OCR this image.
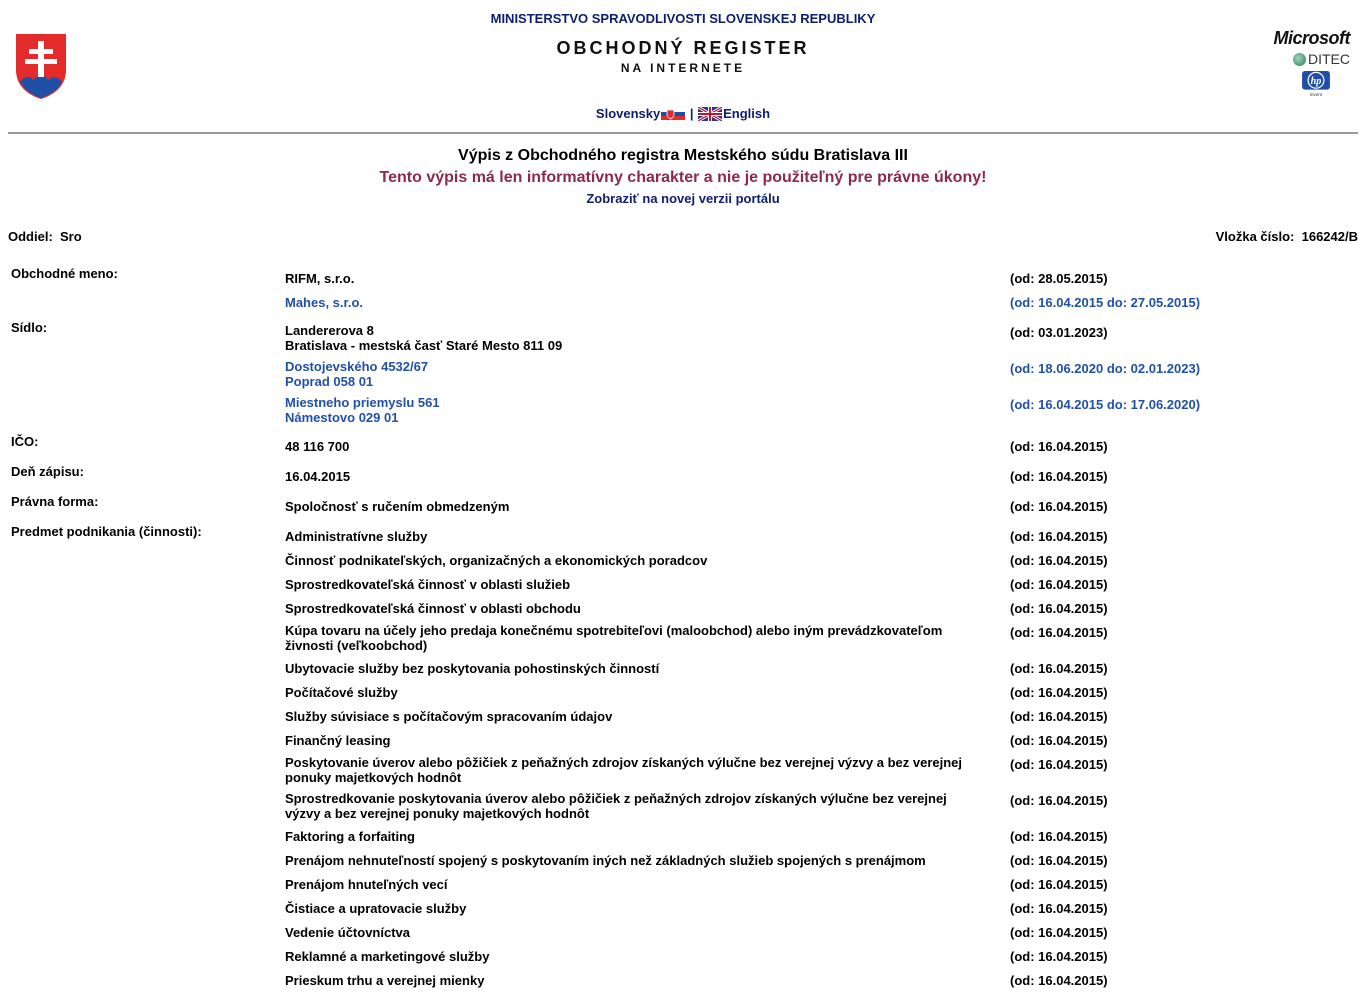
MINISTERSTVO SPRAVODLIVOSTI SLOVENSKEJ REPUBLIKY
OBCHODNÝ REGISTER
NA INTERNETE
Slovensky | English
Microsoft
DITEC
hp
invent
Výpis z Obchodného registra Mestského súdu Bratislava III
Tento výpis má len informatívny charakter a nie je použiteľný pre právne úkony!
Zobraziť na novej verzii portálu
Oddiel: Sro	Vložka číslo: 166242/B
Obchodné meno:	RIFM, s.r.o.	(od: 28.05.2015)
Mahes, s.r.o.	(od: 16.04.2015 do: 27.05.2015)
Sídlo:	Landererova 8
Bratislava - mestská časť Staré Mesto 811 09
(od: 03.01.2023)
Dostojevského 4532/67
Poprad 058 01
(od: 18.06.2020 do: 02.01.2023)
Miestneho priemyslu 561
Námestovo 029 01
(od: 16.04.2015 do: 17.06.2020)
IČO:	48 116 700	(od: 16.04.2015)
Deň zápisu:	16.04.2015	(od: 16.04.2015)
Právna forma:	Spoločnosť s ručením obmedzeným	(od: 16.04.2015)
Predmet podnikania (činnosti):	Administratívne služby	(od: 16.04.2015)
Činnosť podnikateľských, organizačných a ekonomických poradcov	(od: 16.04.2015)
Sprostredkovateľská činnosť v oblasti služieb	(od: 16.04.2015)
Sprostredkovateľská činnosť v oblasti obchodu	(od: 16.04.2015)
Kúpa tovaru na účely jeho predaja konečnému spotrebiteľovi (maloobchod) alebo iným prevádzkovateľom živnosti (veľkoobchod)
(od: 16.04.2015)
Ubytovacie služby bez poskytovania pohostinských činností	(od: 16.04.2015)
Počítačové služby	(od: 16.04.2015)
Služby súvisiace s počítačovým spracovaním údajov	(od: 16.04.2015)
Finančný leasing	(od: 16.04.2015)
Poskytovanie úverov alebo pôžičiek z peňažných zdrojov získaných výlučne bez verejnej výzvy a bez verejnej ponuky majetkových hodnôt
(od: 16.04.2015)
Sprostredkovanie poskytovania úverov alebo pôžičiek z peňažných zdrojov získaných výlučne bez verejnej výzvy a bez verejnej ponuky majetkových hodnôt
(od: 16.04.2015)
Faktoring a forfaiting	(od: 16.04.2015)
Prenájom nehnuteľností spojený s poskytovaním iných než základných služieb spojených s prenájmom	(od: 16.04.2015)
Prenájom hnuteľných vecí	(od: 16.04.2015)
Čistiace a upratovacie služby	(od: 16.04.2015)
Vedenie účtovníctva	(od: 16.04.2015)
Reklamné a marketingové služby	(od: 16.04.2015)
Prieskum trhu a verejnej mienky	(od: 16.04.2015)
